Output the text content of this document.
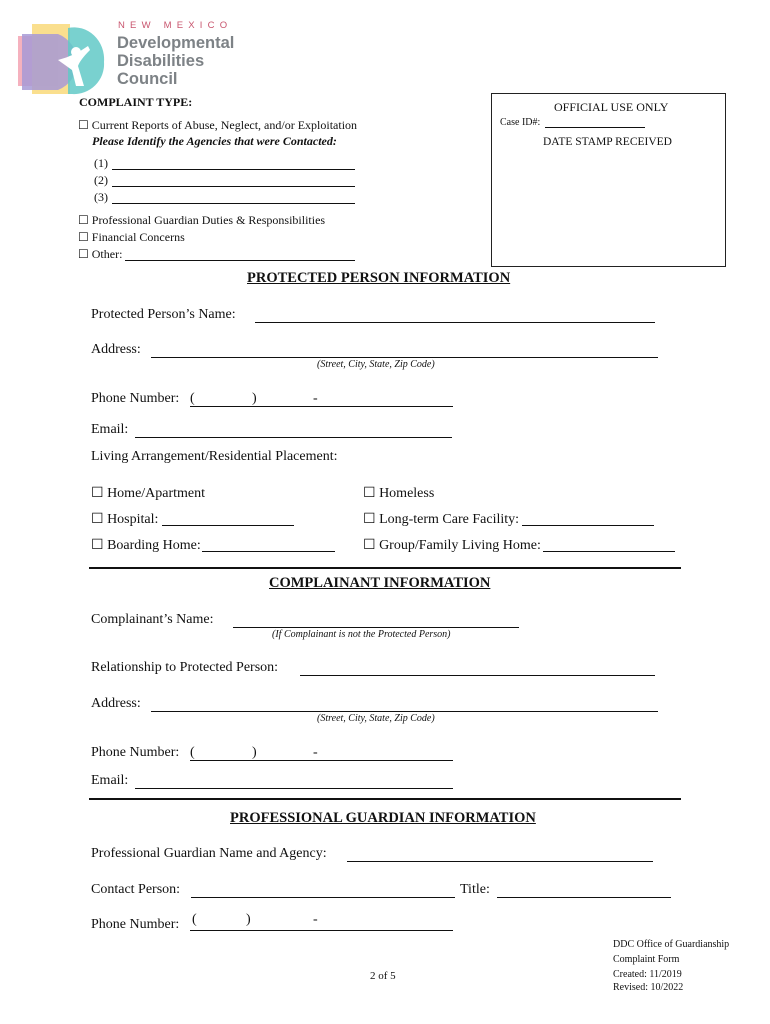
NEW MEXICO
Developmental
Disabilities
Council
COMPLAINT TYPE:
☐ Current Reports of Abuse, Neglect, and/or Exploitation
Please Identify the Agencies that were Contacted:
(1)
(2)
(3)
☐ Professional Guardian Duties & Responsibilities
☐ Financial Concerns
☐ Other:
OFFICIAL USE ONLY
Case ID#:
DATE STAMP RECEIVED
PROTECTED PERSON INFORMATION
Protected Person’s Name:
Address:
(Street, City, State, Zip Code)
Phone Number: (	)	-
Email:
Living Arrangement/Residential Placement:
☐ Home/Apartment	☐ Homeless
☐ Hospital:	☐ Long-term Care Facility:
☐ Boarding Home:	☐ Group/Family Living Home:
COMPLAINANT INFORMATION
Complainant’s Name:
(If Complainant is not the Protected Person)
Relationship to Protected Person:
Address:
(Street, City, State, Zip Code)
Phone Number: (	)	-
Email:
PROFESSIONAL GUARDIAN INFORMATION
Professional Guardian Name and Agency:
Contact Person:	Title:
Phone Number: (	)	-
2 of 5
DDC Office of Guardianship
Complaint Form
Created: 11/2019
Revised: 10/2022
